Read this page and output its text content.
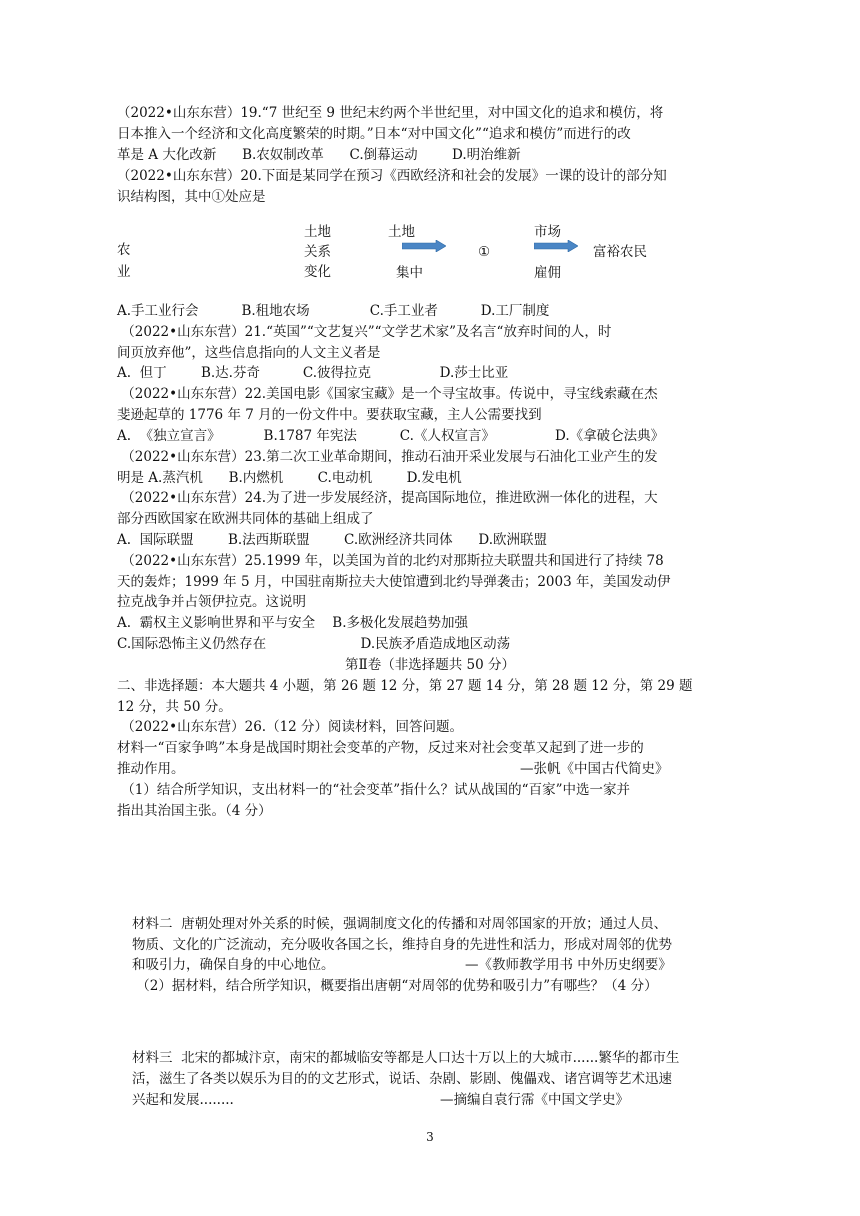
（2022•山东东营）19.“7 世纪至 9 世纪末约两个半世纪里，对中国文化的追求和模仿，将
日本推入一个经济和文化高度繁荣的时期。”日本“对中国文化”“追求和模仿”而进行的改
革是 A 大化改新      B.农奴制改革      C.倒幕运动        D.明治维新
（2022•山东东营）20.下面是某同学在预习《西欧经济和社会的发展》一课的设计的部分知
识结构图，其中①处应是
农
业
土地
关系
变化
土地
集中
①
市场
雇佣
富裕农民
A.手工业行会          B.租地农场              C.手工业者          D.工厂制度
（2022•山东东营）21.“英国”“文艺复兴”“文学艺术家”及名言“放弃时间的人，时
间页放弃他”，这些信息指向的人文主义者是
A.  但丁        B.达.芬奇          C.彼得拉克                D.莎士比亚
（2022•山东东营）22.美国电影《国家宝藏》是一个寻宝故事。传说中，寻宝线索藏在杰
斐逊起草的 1776 年 7 月的一份文件中。要获取宝藏，主人公需要找到
A.  《独立宣言》          B.1787 年宪法          C.《人权宣言》              D.《拿破仑法典》
（2022•山东东营）23.第二次工业革命期间，推动石油开采业发展与石油化工业产生的发
明是 A.蒸汽机      B.内燃机        C.电动机        D.发电机
（2022•山东东营）24.为了进一步发展经济，提高国际地位，推进欧洲一体化的进程，大
部分西欧国家在欧洲共同体的基础上组成了
A.  国际联盟        B.法西斯联盟        C.欧洲经济共同体      D.欧洲联盟
（2022•山东东营）25.1999 年，以美国为首的北约对那斯拉夫联盟共和国进行了持续 78
天的轰炸；1999 年 5 月，中国驻南斯拉夫大使馆遭到北约导弹袭击；2003 年，美国发动伊
拉克战争并占领伊拉克。这说明
A.  霸权主义影响世界和平与安全    B.多极化发展趋势加强
C.国际恐怖主义仍然存在                      D.民族矛盾造成地区动荡
第Ⅱ卷（非选择题共 50 分）
二、非选择题：本大题共 4 小题，第 26 题 12 分，第 27 题 14 分，第 28 题 12 分，第 29 题
12 分，共 50 分。
（2022•山东东营）26.（12 分）阅读材料，回答问题。
材料一“百家争鸣”本身是战国时期社会变革的产物，反过来对社会变革又起到了进一步的
推动作用。	—张帆《中国古代简史》
（1）结合所学知识，支出材料一的“社会变革”指什么？试从战国的“百家”中选一家并
指出其治国主张。（4 分）
材料二  唐朝处理对外关系的时候，强调制度文化的传播和对周邻国家的开放；通过人员、
物质、文化的广泛流动，充分吸收各国之长，维持自身的先进性和活力，形成对周邻的优势
和吸引力，确保自身的中心地位。	—《教师教学用书 中外历史纲要》
（2）据材料，结合所学知识，概要指出唐朝“对周邻的优势和吸引力”有哪些？（4 分）
材料三  北宋的都城汴京，南宋的都城临安等都是人口达十万以上的大城市......繁华的都市生
活，滋生了各类以娱乐为目的的文艺形式，说话、杂剧、影剧、傀儡戏、诸宫调等艺术迅速
兴起和发展........	—摘编自袁行霈《中国文学史》
3
